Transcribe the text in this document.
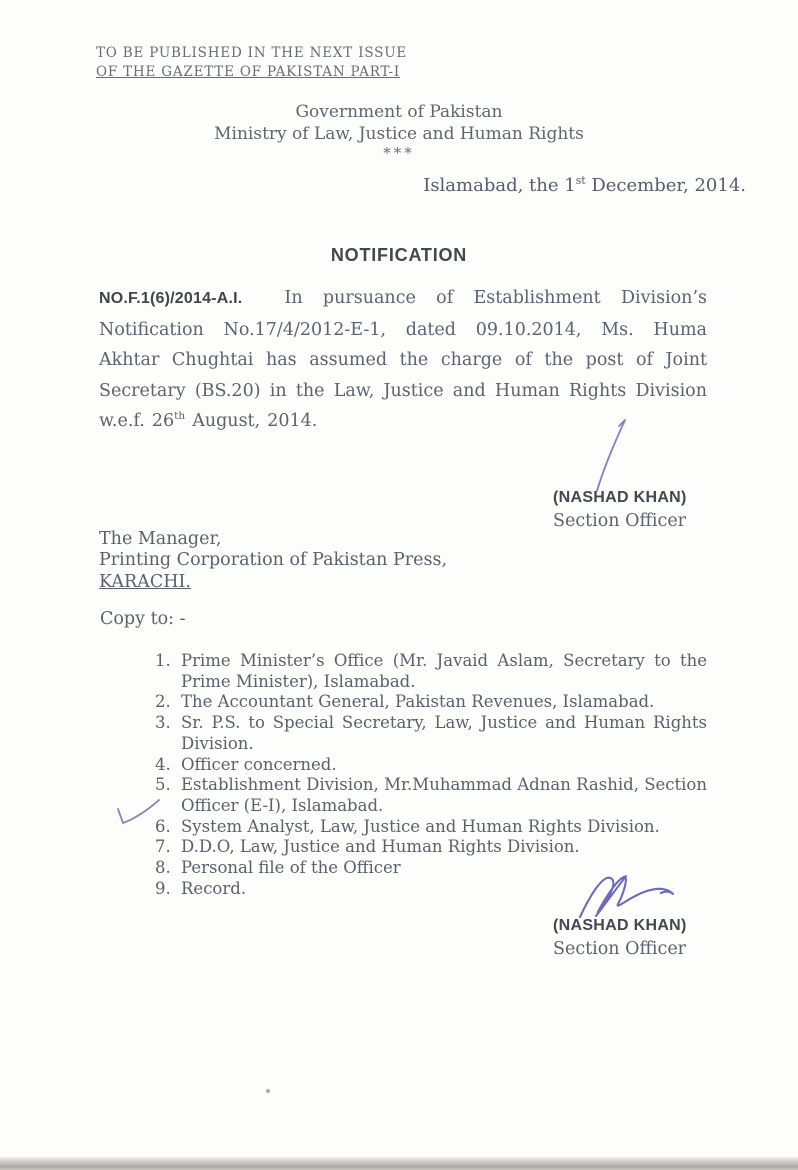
TO BE PUBLISHED IN THE NEXT ISSUE
OF THE GAZETTE OF PAKISTAN PART-I
Government of Pakistan
Ministry of Law, Justice and Human Rights
***
Islamabad, the 1st December, 2014.
NOTIFICATION

NO.F.1(6)/2014-A.I. In pursuance of Establishment Division’s Notification No.17/4/2012-E-1, dated 09.10.2014, Ms. Huma Akhtar Chughtai has assumed the charge of the post of Joint Secretary (BS.20) in the Law, Justice and Human Rights Division w.e.f. 26th August, 2014.

(NASHAD KHAN)
Section Officer
The Manager,
Printing Corporation of Pakistan Press,
KARACHI.
Copy to: -
1. Prime Minister’s Office (Mr. Javaid Aslam, Secretary to the Prime Minister), Islamabad.
2. The Accountant General, Pakistan Revenues, Islamabad.
3. Sr. P.S. to Special Secretary, Law, Justice and Human Rights Division.
4. Officer concerned.
5. Establishment Division, Mr.Muhammad Adnan Rashid, Section Officer (E-I), Islamabad.
6. System Analyst, Law, Justice and Human Rights Division.
7. D.D.O, Law, Justice and Human Rights Division.
8. Personal file of the Officer
9. Record.
(NASHAD KHAN)
Section Officer
